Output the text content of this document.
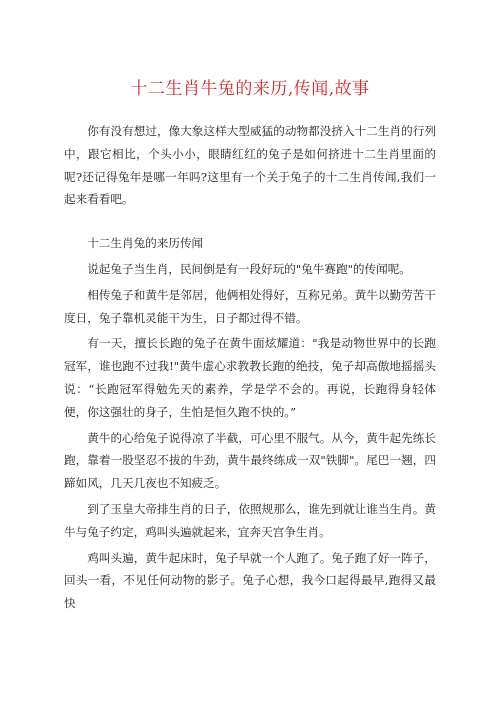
十二生肖牛兔的来历,传闻,故事

你有没有想过，像大象这样大型威猛的动物都没挤入十二生肖的行列中，跟它相比，个头小小，眼睛红红的兔子是如何挤进十二生肖里面的呢?还记得兔年是哪一年吗?这里有一个关于兔子的十二生肖传闻,我们一起来看看吧。

十二生肖兔的来历传闻

说起兔子当生肖，民间倒是有一段好玩的"兔牛赛跑"的传闻呢。

相传兔子和黄牛是邻居，他俩相处得好，互称兄弟。黄牛以勤劳苦干度日，兔子靠机灵能干为生，日子都过得不错。

有一天，擅长长跑的兔子在黄牛面炫耀道："我是动物世界中的长跑冠军，谁也跑不过我!"黄牛虚心求教教长跑的绝技，兔子却高傲地摇摇头说：“长跑冠军得勉先天的素养，学是学不会的。再说，长跑得身轻体便，你这强壮的身子，生怕是恒久跑不快的。”

黄牛的心给兔子说得凉了半截，可心里不服气。从今，黄牛起先练长跑，靠着一股坚忍不拔的牛劲，黄牛最终练成一双"铁脚"。尾巴一翘，四蹄如风，几天几夜也不知疲乏。

到了玉皇大帝排生肖的日子，依照规那么，谁先到就让谁当生肖。黄牛与兔子约定，鸡叫头遍就起来，宜奔天宫争生肖。

鸡叫头遍，黄牛起床时，兔子早就一个人跑了。兔子跑了好一阵子，回头一看，不见任何动物的影子。兔子心想，我今口起得最早,跑得又最快
